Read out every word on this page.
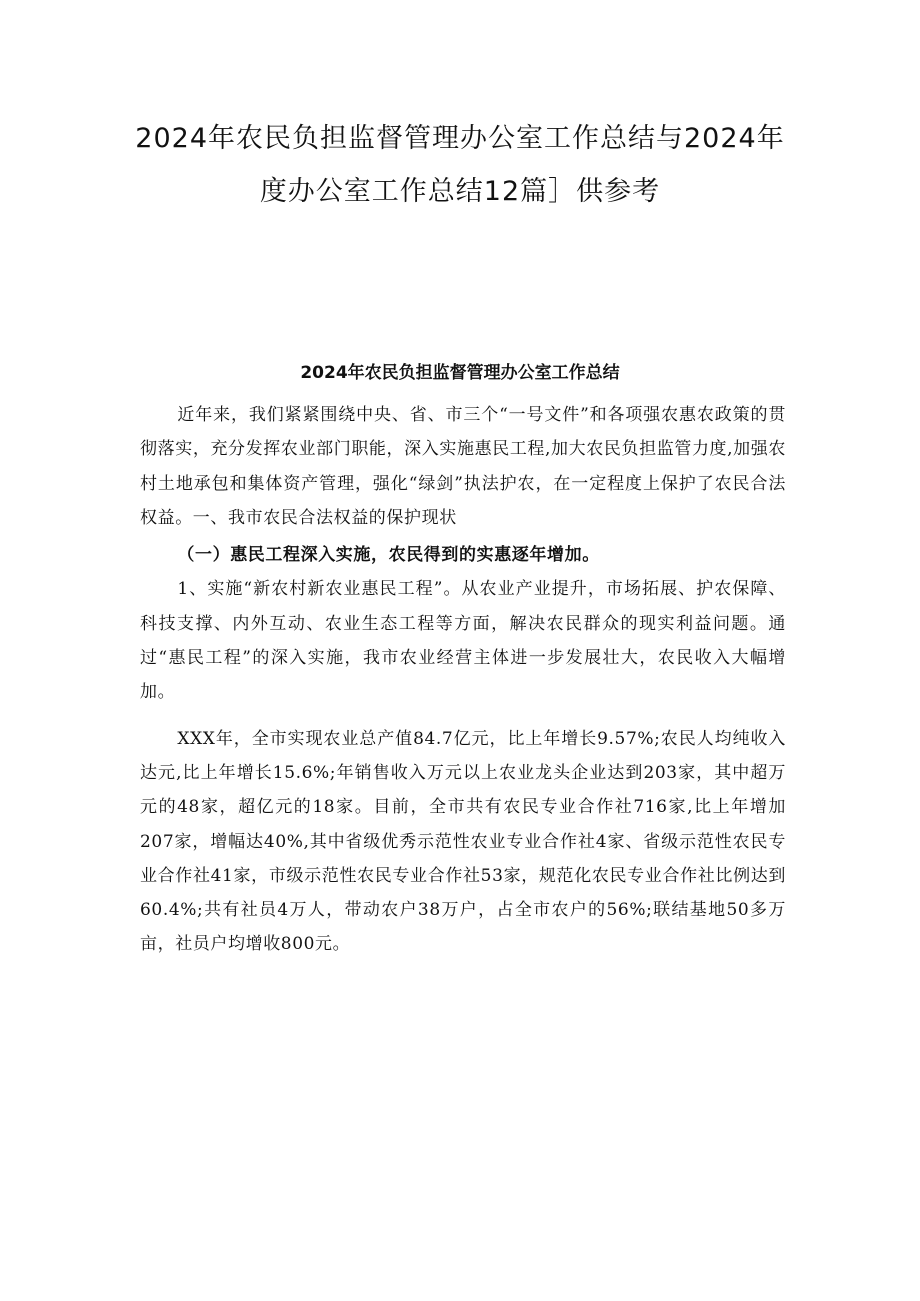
2024年农民负担监督管理办公室工作总结与2024年
度办公室工作总结12篇］供参考
2024年农民负担监督管理办公室工作总结

近年来，我们紧紧围绕中央、省、市三个“一号文件”和各项强农惠农政策的贯彻落实，充分发挥农业部门职能，深入实施惠民工程,加大农民负担监管力度,加强农村土地承包和集体资产管理，强化“绿剑”执法护农，在一定程度上保护了农民合法权益。一、我市农民合法权益的保护现状

（一）惠民工程深入实施，农民得到的实惠逐年增加。

1、实施“新农村新农业惠民工程”。从农业产业提升，市场拓展、护农保障、科技支撑、内外互动、农业生态工程等方面，解决农民群众的现实利益问题。通过“惠民工程”的深入实施，我市农业经营主体进一步发展壮大，农民收入大幅增加。

XXX年，全市实现农业总产值84.7亿元，比上年增长9.57%;农民人均纯收入达元,比上年增长15.6%;年销售收入万元以上农业龙头企业达到203家，其中超万元的48家，超亿元的18家。目前，全市共有农民专业合作社716家,比上年增加207家，增幅达40%,其中省级优秀示范性农业专业合作社4家、省级示范性农民专业合作社41家，市级示范性农民专业合作社53家，规范化农民专业合作社比例达到60.4%;共有社员4万人，带动农户38万户，占全市农户的56%;联结基地50多万亩，社员户均增收800元。
